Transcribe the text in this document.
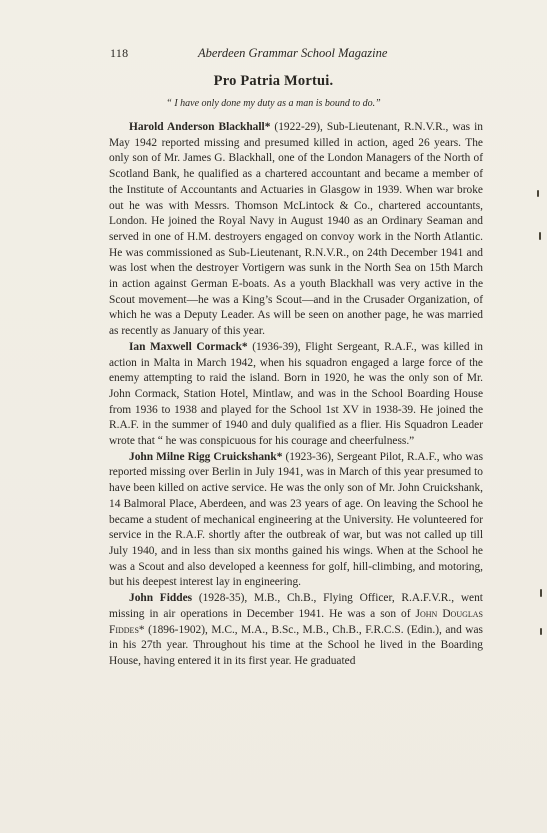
118	Aberdeen Grammar School Magazine
Pro Patria Mortui.
“ I have only done my duty as a man is bound to do.”

Harold Anderson Blackhall* (1922-29), Sub-Lieutenant, R.N.V.R., was in May 1942 reported missing and presumed killed in action, aged 26 years. The only son of Mr. James G. Blackhall, one of the London Managers of the North of Scotland Bank, he qualified as a chartered accountant and became a member of the Institute of Accountants and Actuaries in Glasgow in 1939. When war broke out he was with Messrs. Thomson McLintock & Co., chartered accountants, London. He joined the Royal Navy in August 1940 as an Ordinary Seaman and served in one of H.M. destroyers engaged on convoy work in the North Atlantic. He was commissioned as Sub-Lieutenant, R.N.V.R., on 24th December 1941 and was lost when the destroyer Vortigern was sunk in the North Sea on 15th March in action against German E-boats. As a youth Blackhall was very active in the Scout movement—he was a King’s Scout—and in the Crusader Organization, of which he was a Deputy Leader. As will be seen on another page, he was married as recently as January of this year.

Ian Maxwell Cormack* (1936-39), Flight Sergeant, R.A.F., was killed in action in Malta in March 1942, when his squadron engaged a large force of the enemy attempting to raid the island. Born in 1920, he was the only son of Mr. John Cormack, Station Hotel, Mintlaw, and was in the School Boarding House from 1936 to 1938 and played for the School 1st XV in 1938-39. He joined the R.A.F. in the summer of 1940 and duly qualified as a flier. His Squadron Leader wrote that “ he was conspicuous for his courage and cheerfulness.”

John Milne Rigg Cruickshank* (1923-36), Sergeant Pilot, R.A.F., who was reported missing over Berlin in July 1941, was in March of this year presumed to have been killed on active service. He was the only son of Mr. John Cruickshank, 14 Balmoral Place, Aberdeen, and was 23 years of age. On leaving the School he became a student of mechanical engineering at the University. He volunteered for service in the R.A.F. shortly after the outbreak of war, but was not called up till July 1940, and in less than six months gained his wings. When at the School he was a Scout and also developed a keenness for golf, hill-climbing, and motoring, but his deepest interest lay in engineering.

John Fiddes (1928-35), M.B., Ch.B., Flying Officer, R.A.F.V.R., went missing in air operations in December 1941. He was a son of John Douglas Fiddes* (1896-1902), M.C., M.A., B.Sc., M.B., Ch.B., F.R.C.S. (Edin.), and was in his 27th year. Throughout his time at the School he lived in the Boarding House, having entered it in its first year. He graduated
